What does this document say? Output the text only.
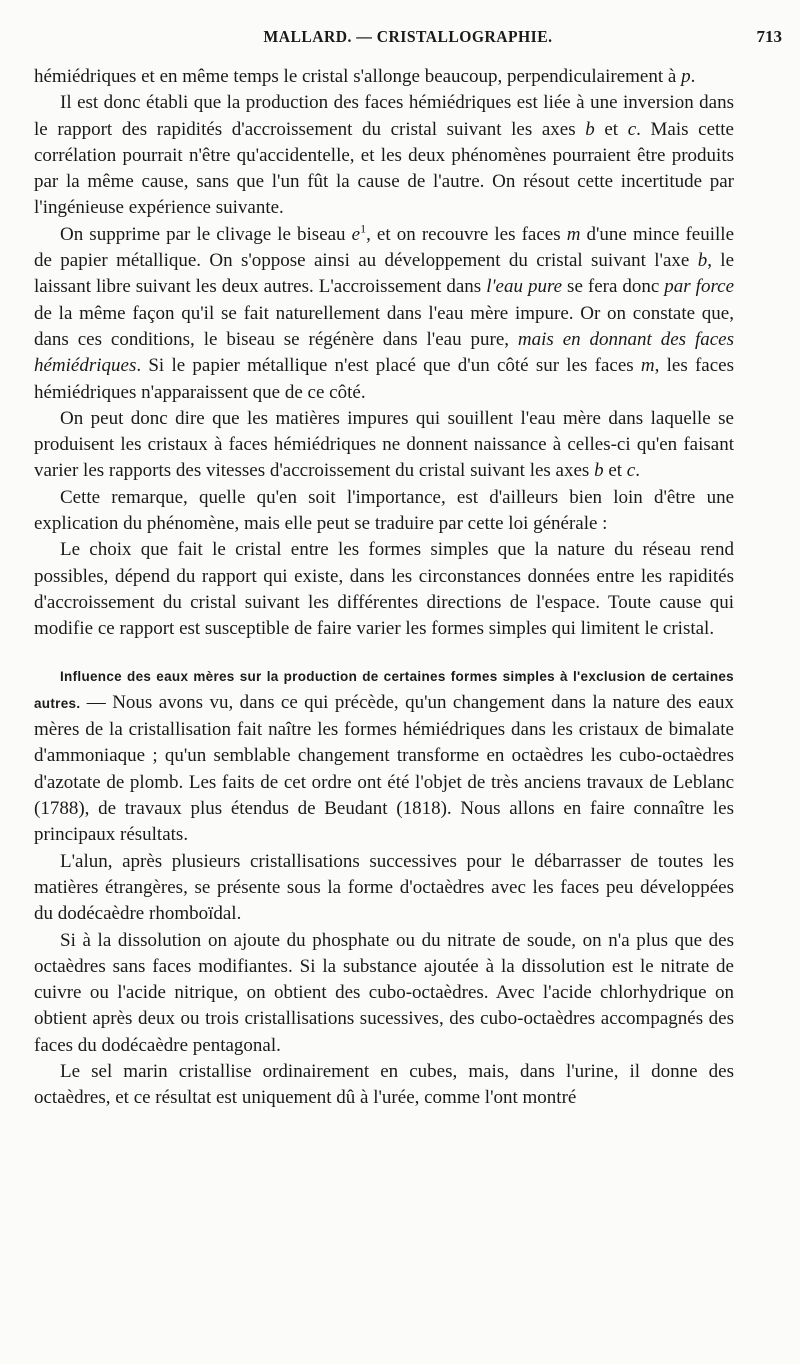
MALLARD. — CRISTALLOGRAPHIE.	713

hémiédriques et en même temps le cristal s'allonge beaucoup, perpendiculairement à p.

Il est donc établi que la production des faces hémiédriques est liée à une inversion dans le rapport des rapidités d'accroissement du cristal suivant les axes b et c. Mais cette corrélation pourrait n'être qu'accidentelle, et les deux phénomènes pourraient être produits par la même cause, sans que l'un fût la cause de l'autre. On résout cette incertitude par l'ingénieuse expérience suivante.

On supprime par le clivage le biseau $e^1$, et on recouvre les faces m d'une mince feuille de papier métallique. On s'oppose ainsi au développement du cristal suivant l'axe b, le laissant libre suivant les deux autres. L'accroissement dans l'eau pure se fera donc par force de la même façon qu'il se fait naturellement dans l'eau mère impure. Or on constate que, dans ces conditions, le biseau se régénère dans l'eau pure, mais en donnant des faces hémiédriques. Si le papier métallique n'est placé que d'un côté sur les faces m, les faces hémiédriques n'apparaissent que de ce côté.

On peut donc dire que les matières impures qui souillent l'eau mère dans laquelle se produisent les cristaux à faces hémiédriques ne donnent naissance à celles-ci qu'en faisant varier les rapports des vitesses d'accroissement du cristal suivant les axes b et c.

Cette remarque, quelle qu'en soit l'importance, est d'ailleurs bien loin d'être une explication du phénomène, mais elle peut se traduire par cette loi générale :

Le choix que fait le cristal entre les formes simples que la nature du réseau rend possibles, dépend du rapport qui existe, dans les circonstances données entre les rapidités d'accroissement du cristal suivant les différentes directions de l'espace. Toute cause qui modifie ce rapport est susceptible de faire varier les formes simples qui limitent le cristal.

Influence des eaux mères sur la production de certaines formes simples à l'exclusion de certaines autres. — Nous avons vu, dans ce qui précède, qu'un changement dans la nature des eaux mères de la cristallisation fait naître les formes hémiédriques dans les cristaux de bimalate d'ammoniaque ; qu'un semblable changement transforme en octaèdres les cubo-octaèdres d'azotate de plomb. Les faits de cet ordre ont été l'objet de très anciens travaux de Leblanc (1788), de travaux plus étendus de Beudant (1818). Nous allons en faire connaître les principaux résultats.

L'alun, après plusieurs cristallisations successives pour le débarrasser de toutes les matières étrangères, se présente sous la forme d'octaèdres avec les faces peu développées du dodécaèdre rhomboïdal.

Si à la dissolution on ajoute du phosphate ou du nitrate de soude, on n'a plus que des octaèdres sans faces modifiantes. Si la substance ajoutée à la dissolution est le nitrate de cuivre ou l'acide nitrique, on obtient des cubo-octaèdres. Avec l'acide chlorhydrique on obtient après deux ou trois cristallisations sucessives, des cubo-octaèdres accompagnés des faces du dodécaèdre pentagonal.

Le sel marin cristallise ordinairement en cubes, mais, dans l'urine, il donne des octaèdres, et ce résultat est uniquement dû à l'urée, comme l'ont montré
